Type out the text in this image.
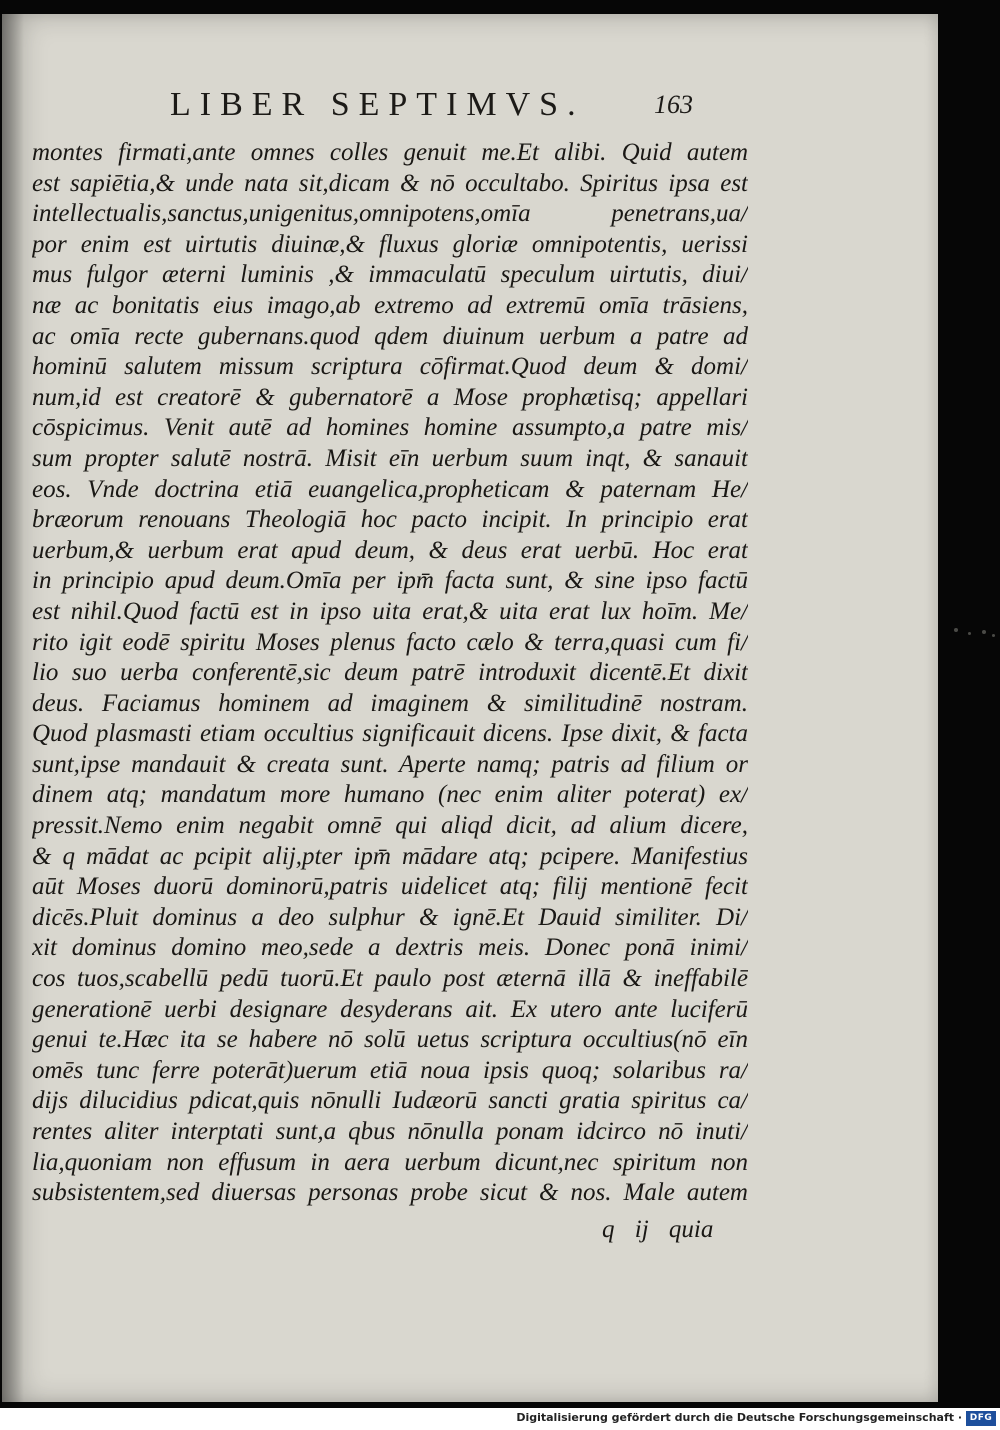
LIBER SEPTIMVS.	163
montes firmati,ante omnes colles genuit me.Et alibi. Quid autem
est sapiētia,& unde nata sit,dicam & nō occultabo. Spiritus ipsa est
intellectualis,sanctus,unigenitus,omnipotens,omīa penetrans,ua/
por enim est uirtutis diuinæ,& fluxus gloriæ omnipotentis, uerissi
mus fulgor æterni luminis ,& immaculatū speculum uirtutis, diui/
næ ac bonitatis eius imago,ab extremo ad extremū omīa trāsiens,
ac omīa recte gubernans.quod qdem diuinum uerbum a patre ad
hominū salutem missum scriptura cōfirmat.Quod deum & domi/
num,id est creatorē & gubernatorē a Mose prophætisq; appellari
cōspicimus. Venit autē ad homines homine assumpto,a patre mis/
sum propter salutē nostrā. Misit eīn uerbum suum inqt, & sanauit
eos. Vnde doctrina etiā euangelica,propheticam & paternam He/
bræorum renouans Theologiā hoc pacto incipit. In principio erat
uerbum,& uerbum erat apud deum, & deus erat uerbū. Hoc erat
in principio apud deum.Omīa per ipm̄ facta sunt, & sine ipso factū
est nihil.Quod factū est in ipso uita erat,& uita erat lux hoīm. Me/
rito igit eodē spiritu Moses plenus facto cælo & terra,quasi cum fi/
lio suo uerba conferentē,sic deum patrē introduxit dicentē.Et dixit
deus. Faciamus hominem ad imaginem & similitudinē nostram.
Quod plasmasti etiam occultius significauit dicens. Ipse dixit, & facta
sunt,ipse mandauit & creata sunt. Aperte namq; patris ad filium or
dinem atq; mandatum more humano (nec enim aliter poterat) ex/
pressit.Nemo enim negabit omnē qui aliqd dicit, ad alium dicere,
& q mādat ac pcipit alij,pter ipm̄ mādare atq; pcipere. Manifestius
aūt Moses duorū dominorū,patris uidelicet atq; filij mentionē fecit
dicēs.Pluit dominus a deo sulphur & ignē.Et Dauid similiter. Di/
xit dominus domino meo,sede a dextris meis. Donec ponā inimi/
cos tuos,scabellū pedū tuorū.Et paulo post æternā illā & ineffabilē
generationē uerbi designare desyderans ait. Ex utero ante luciferū
genui te.Hæc ita se habere nō solū uetus scriptura occultius(nō eīn
omēs tunc ferre poterāt)uerum etiā noua ipsis quoq; solaribus ra/
dijs dilucidius pdicat,quis nōnulli Iudæorū sancti gratia spiritus ca/
rentes aliter interptati sunt,a qbus nōnulla ponam idcirco nō inuti/
lia,quoniam non effusum in aera uerbum dicunt,nec spiritum non
subsistentem,sed diuersas personas probe sicut & nos. Male autem
q ij quia
Digitalisierung gefördert durch die Deutsche Forschungsgemeinschaft · DFG
